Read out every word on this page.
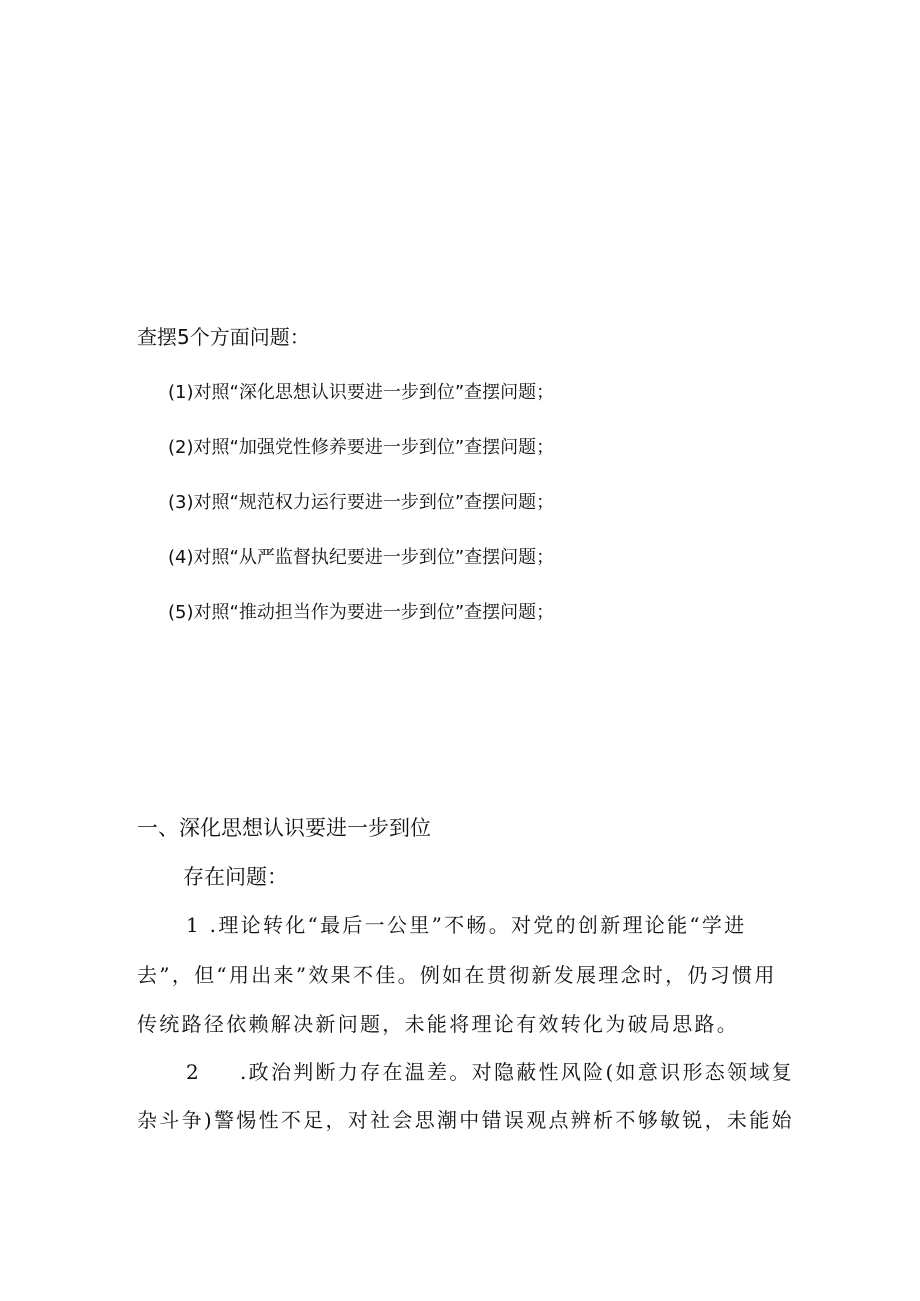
查摆5个方面问题：
(1)对照“深化思想认识要进一步到位”查摆问题；
(2)对照“加强党性修养要进一步到位”查摆问题；
(3)对照“规范权力运行要进一步到位”查摆问题；
(4)对照“从严监督执纪要进一步到位”查摆问题；
(5)对照“推动担当作为要进一步到位”查摆问题；
一、深化思想认识要进一步到位
存在问题：
1 .理论转化“最后一公里”不畅。对党的创新理论能“学进
去”，但“用出来”效果不佳。例如在贯彻新发展理念时，仍习惯用
传统路径依赖解决新问题，未能将理论有效转化为破局思路。
2 .政治判断力存在温差。对隐蔽性风险(如意识形态领域复
杂斗争)警惕性不足，对社会思潮中错误观点辨析不够敏锐，未能始
